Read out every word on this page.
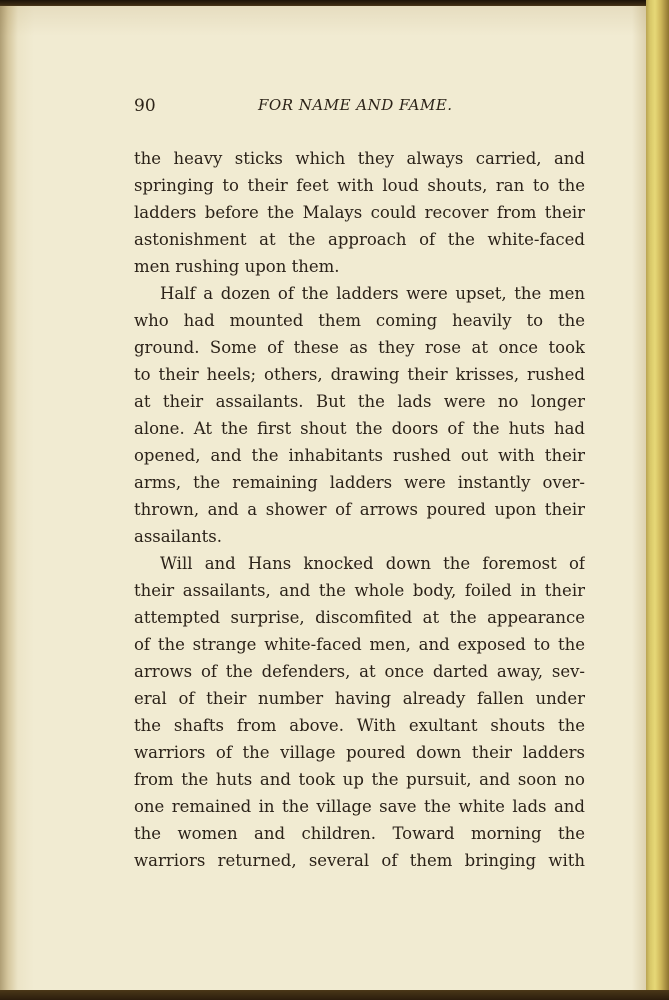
90	FOR NAME AND FAME.
the heavy sticks which they always carried, and
springing to their feet with loud shouts, ran to the
ladders before the Malays could recover from their
astonishment at the approach of the white-faced
men rushing upon them.
Half a dozen of the ladders were upset, the men
who had mounted them coming heavily to the
ground. Some of these as they rose at once took
to their heels; others, drawing their krisses, rushed
at their assailants. But the lads were no longer
alone. At the first shout the doors of the huts had
opened, and the inhabitants rushed out with their
arms, the remaining ladders were instantly over-
thrown, and a shower of arrows poured upon their
assailants.
Will and Hans knocked down the foremost of
their assailants, and the whole body, foiled in their
attempted surprise, discomfited at the appearance
of the strange white-faced men, and exposed to the
arrows of the defenders, at once darted away, sev-
eral of their number having already fallen under
the shafts from above. With exultant shouts the
warriors of the village poured down their ladders
from the huts and took up the pursuit, and soon no
one remained in the village save the white lads and
the women and children. Toward morning the
warriors returned, several of them bringing with
